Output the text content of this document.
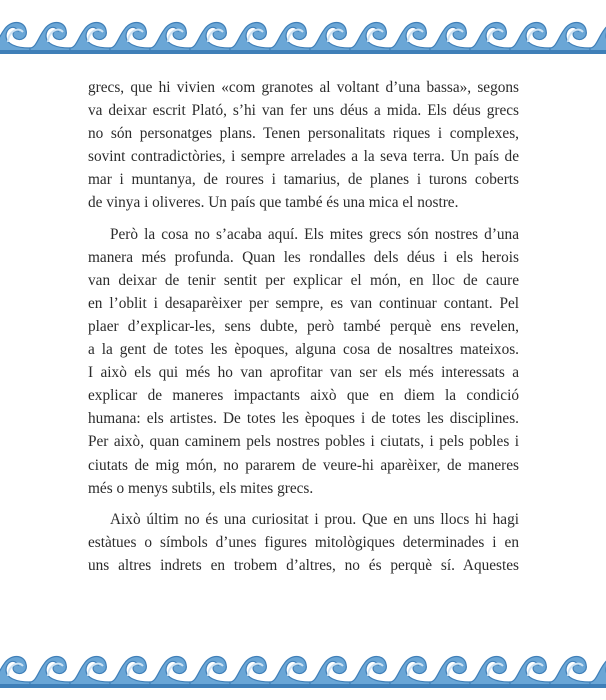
grecs, que hi vivien «com granotes al voltant d’una bassa», segons
va deixar escrit Plató, s’hi van fer uns déus a mida. Els déus grecs
no són personatges plans. Tenen personalitats riques i complexes,
sovint contradictòries, i sempre arrelades a la seva terra. Un país de
mar i muntanya, de roures i tamarius, de planes i turons coberts
de vinya i oliveres. Un país que també és una mica el nostre.

Però la cosa no s’acaba aquí. Els mites grecs són nostres d’una
manera més profunda. Quan les rondalles dels déus i els herois
van deixar de tenir sentit per explicar el món, en lloc de caure
en l’oblit i desaparèixer per sempre, es van continuar contant. Pel
plaer d’explicar-les, sens dubte, però també perquè ens revelen,
a la gent de totes les èpoques, alguna cosa de nosaltres mateixos.
I això els qui més ho van aprofitar van ser els més interessats a
explicar de maneres impactants això que en diem la condició
humana: els artistes. De totes les èpoques i de totes les disciplines.
Per això, quan caminem pels nostres pobles i ciutats, i pels pobles i
ciutats de mig món, no pararem de veure-hi aparèixer, de maneres
més o menys subtils, els mites grecs.

Això últim no és una curiositat i prou. Que en uns llocs hi hagi
estàtues o símbols d’unes figures mitològiques determinades i en
uns altres indrets en trobem d’altres, no és perquè sí. Aquestes
